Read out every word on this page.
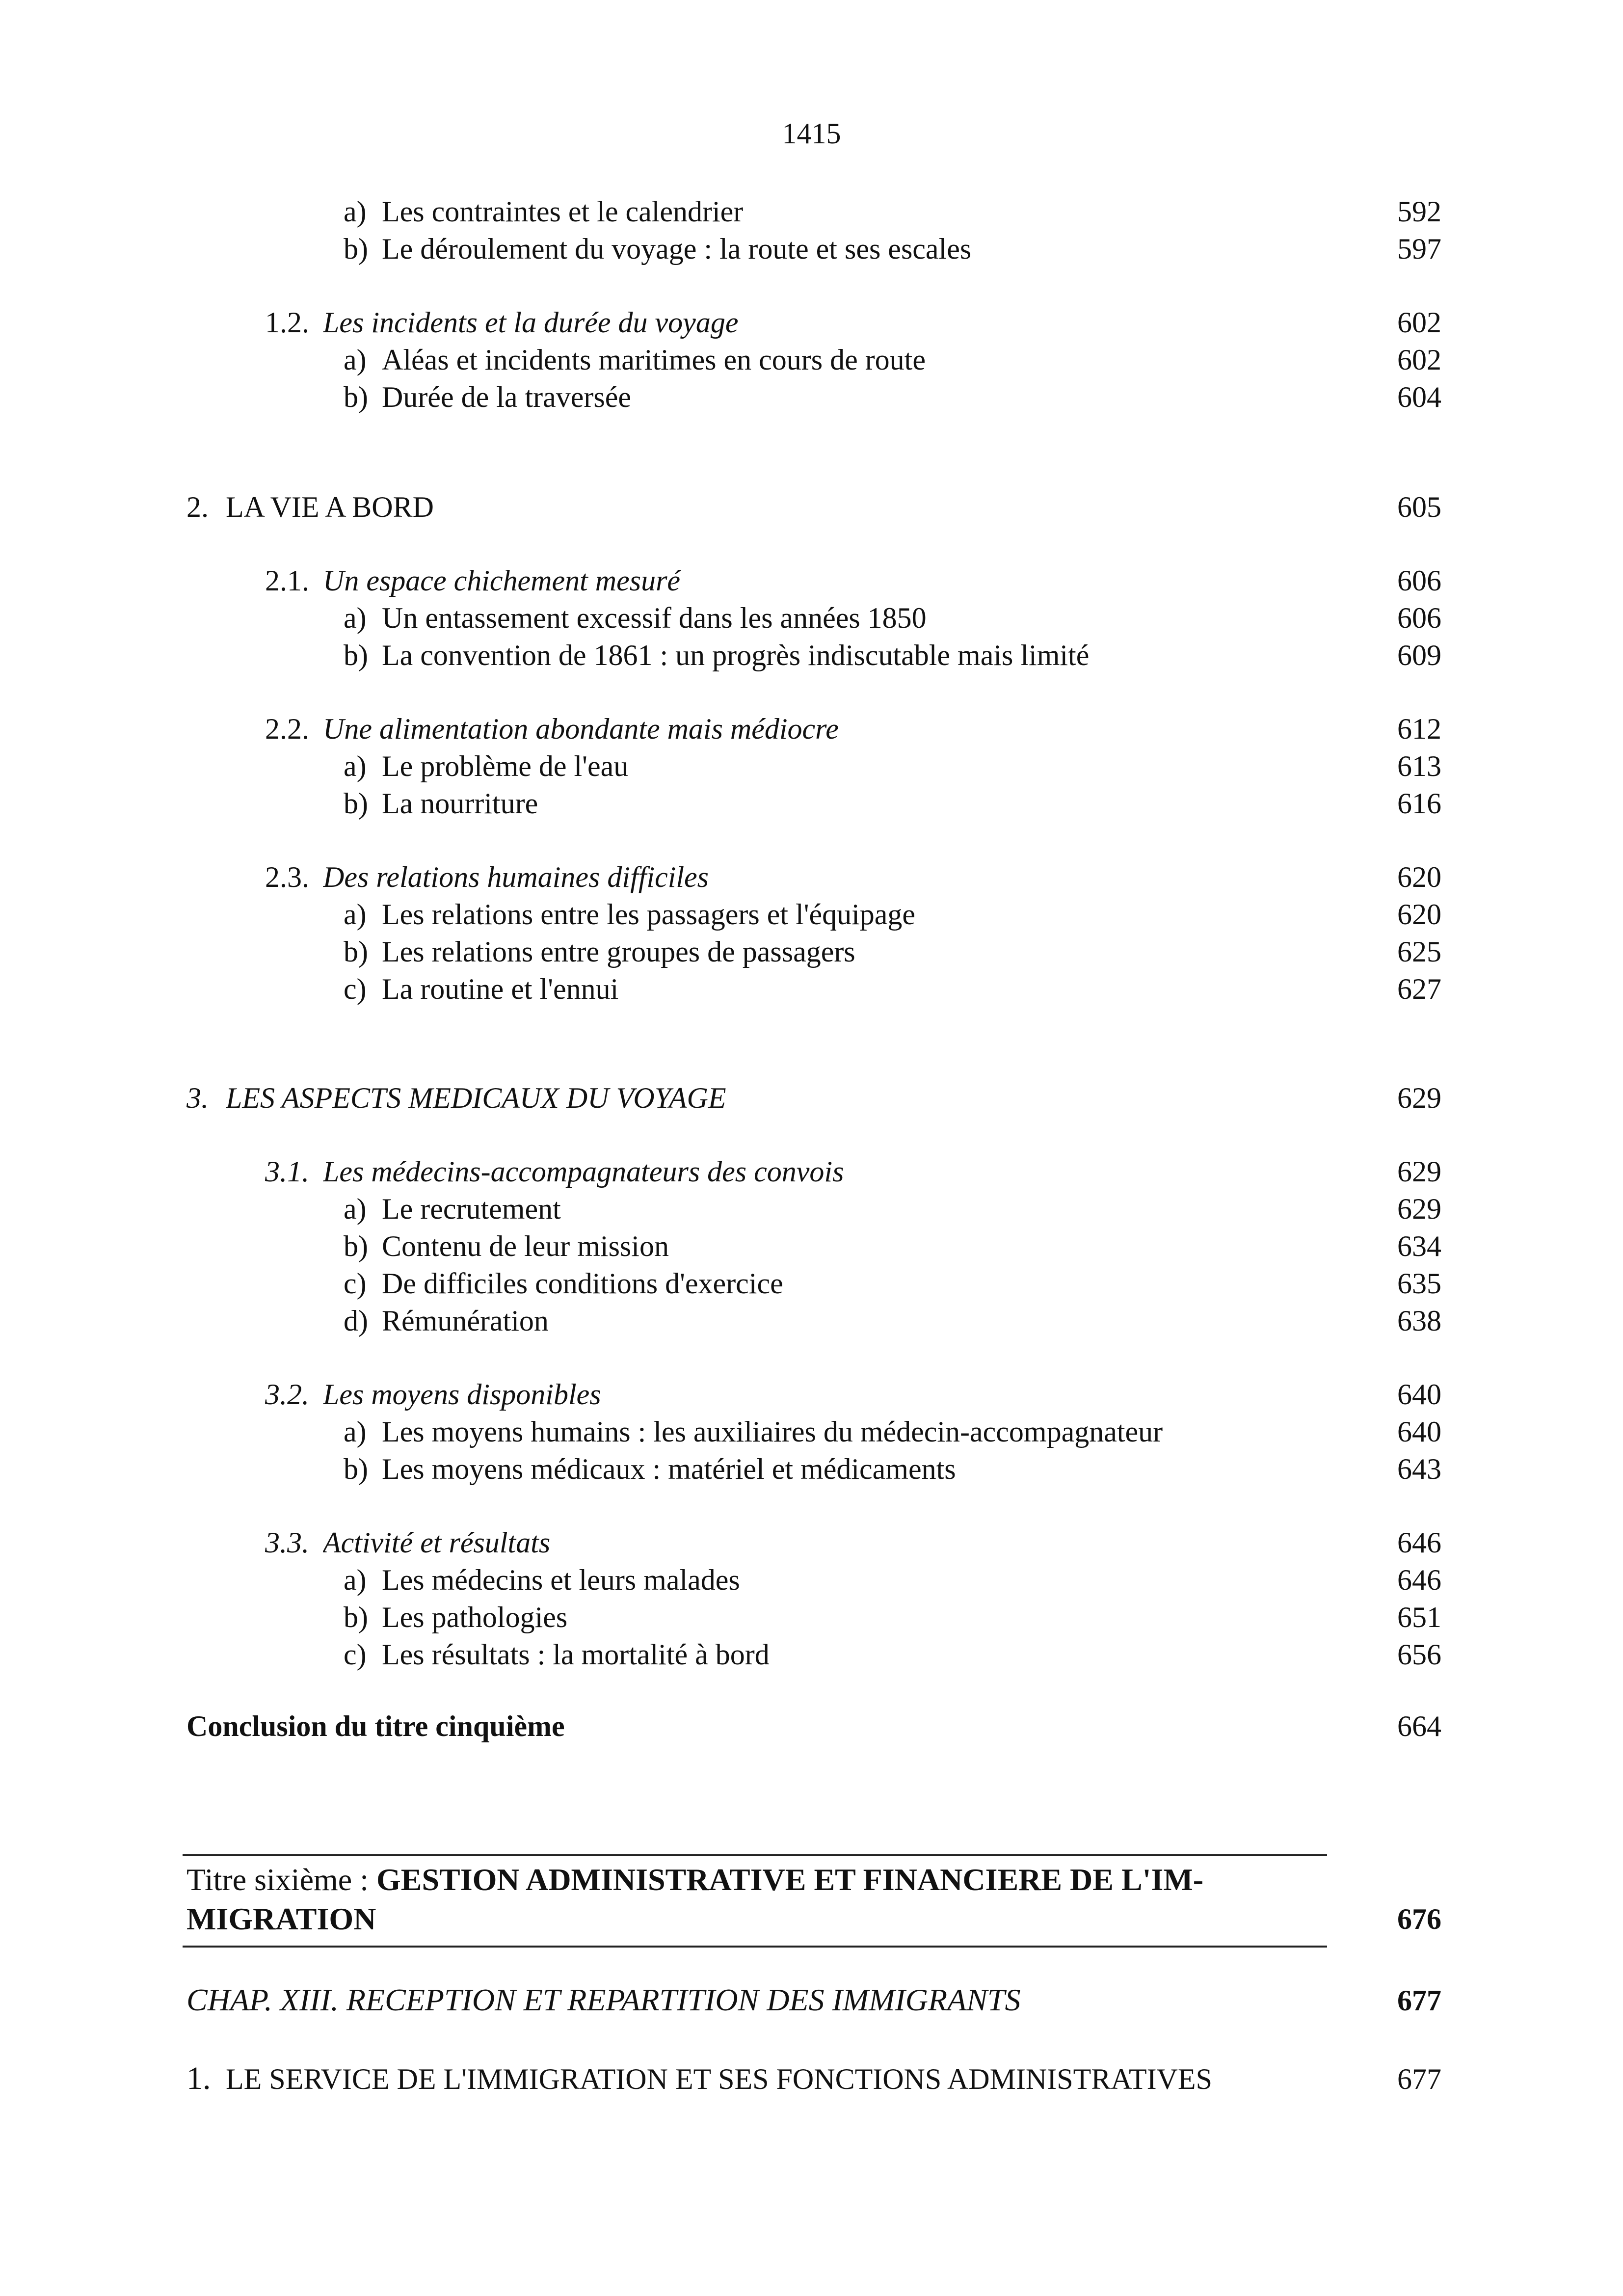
1415
a) Les contraintes et le calendrier	592
b) Le déroulement du voyage : la route et ses escales	597
1.2. Les incidents et la durée du voyage	602
a) Aléas et incidents maritimes en cours de route	602
b) Durée de la traversée	604
2. LA VIE A BORD	605
2.1. Un espace chichement mesuré	606
a) Un entassement excessif dans les années 1850	606
b) La convention de 1861 : un progrès indiscutable mais limité	609
2.2. Une alimentation abondante mais médiocre	612
a) Le problème de l'eau	613
b) La nourriture	616
2.3. Des relations humaines difficiles	620
a) Les relations entre les passagers et l'équipage	620
b) Les relations entre groupes de passagers	625
c) La routine et l'ennui	627
3. LES ASPECTS MEDICAUX DU VOYAGE	629
3.1. Les médecins-accompagnateurs des convois	629
a) Le recrutement	629
b) Contenu de leur mission	634
c) De difficiles conditions d'exercice	635
d) Rémunération	638
3.2. Les moyens disponibles	640
a) Les moyens humains : les auxiliaires du médecin-accompagnateur	640
b) Les moyens médicaux : matériel et médicaments	643
3.3. Activité et résultats	646
a) Les médecins et leurs malades	646
b) Les pathologies	651
c) Les résultats : la mortalité à bord	656
Conclusion du titre cinquième	664
Titre sixième : GESTION ADMINISTRATIVE ET FINANCIERE DE L'IM-
MIGRATION	676
CHAP. XIII. RECEPTION ET REPARTITION DES IMMIGRANTS	677
1. LE SERVICE DE L'IMMIGRATION ET SES FONCTIONS ADMINISTRATIVES	677
